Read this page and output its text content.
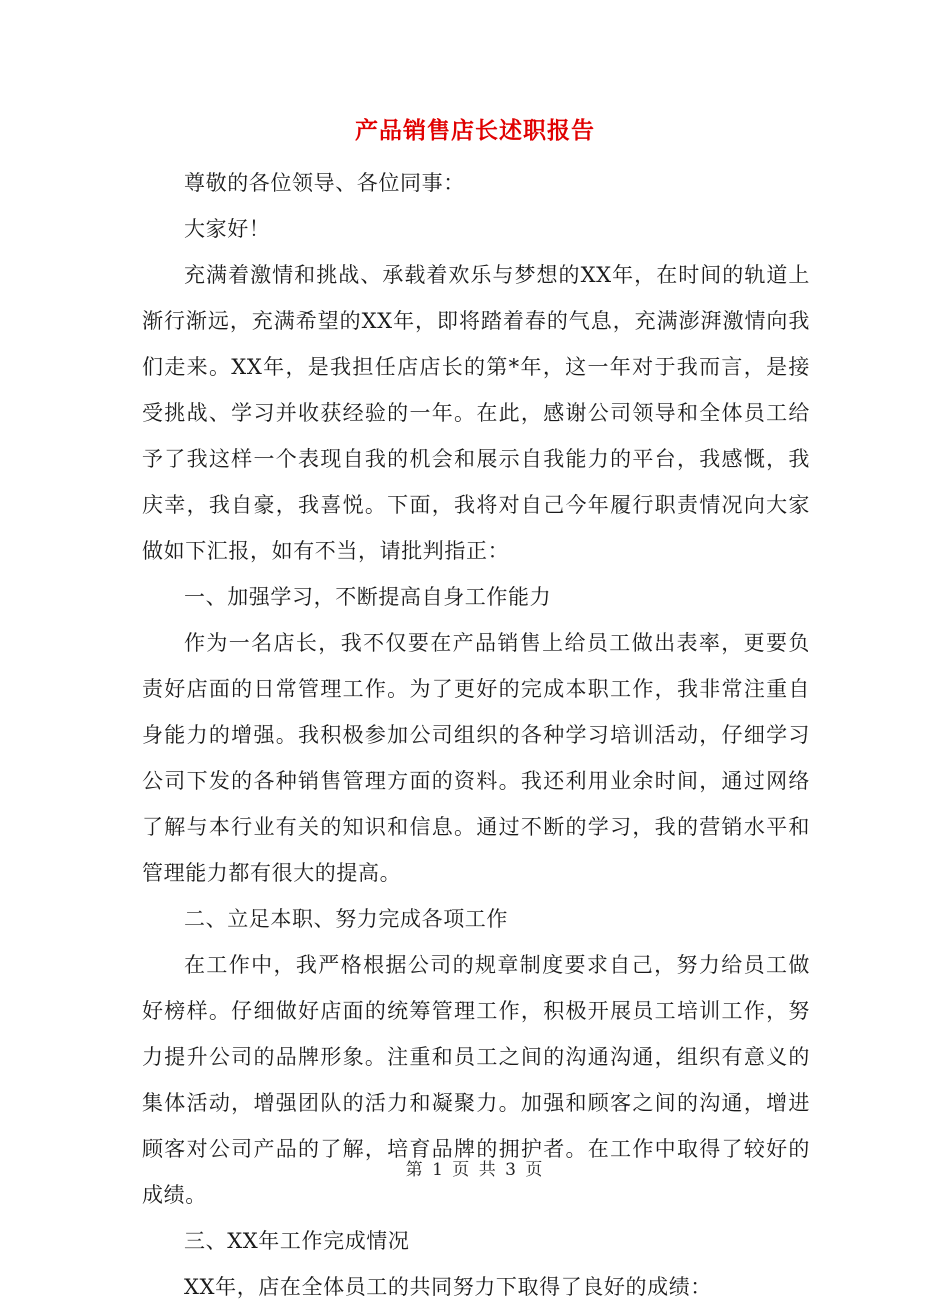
产品销售店长述职报告

尊敬的各位领导、各位同事：

大家好！

充满着激情和挑战、承载着欢乐与梦想的XX年，在时间的轨道上渐行渐远，充满希望的XX年，即将踏着春的气息，充满澎湃激情向我们走来。XX年，是我担任店店长的第*年，这一年对于我而言，是接受挑战、学习并收获经验的一年。在此，感谢公司领导和全体员工给予了我这样一个表现自我的机会和展示自我能力的平台，我感慨，我庆幸，我自豪，我喜悦。下面，我将对自己今年履行职责情况向大家做如下汇报，如有不当，请批判指正：

一、加强学习，不断提高自身工作能力

作为一名店长，我不仅要在产品销售上给员工做出表率，更要负责好店面的日常管理工作。为了更好的完成本职工作，我非常注重自身能力的增强。我积极参加公司组织的各种学习培训活动，仔细学习公司下发的各种销售管理方面的资料。我还利用业余时间，通过网络了解与本行业有关的知识和信息。通过不断的学习，我的营销水平和管理能力都有很大的提高。

二、立足本职、努力完成各项工作

在工作中，我严格根据公司的规章制度要求自己，努力给员工做好榜样。仔细做好店面的统筹管理工作，积极开展员工培训工作，努力提升公司的品牌形象。注重和员工之间的沟通沟通，组织有意义的集体活动，增强团队的活力和凝聚力。加强和顾客之间的沟通，增进顾客对公司产品的了解，培育品牌的拥护者。在工作中取得了较好的成绩。

三、XX年工作完成情况

XX年，店在全体员工的共同努力下取得了良好的成绩：

第 1 页 共 3 页
